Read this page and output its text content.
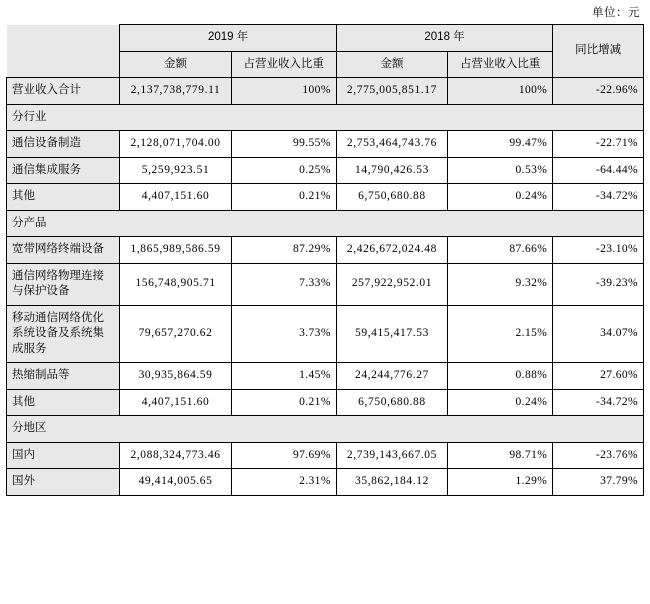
单位：元
	2019 年		2018 年		同比增减
	金额	占营业收入比重	金额	占营业收入比重	
营业收入合计	2,137,738,779.11	100%	2,775,005,851.17	100%	-22.96%
分行业					
通信设备制造	2,128,071,704.00	99.55%	2,753,464,743.76	99.47%	-22.71%
通信集成服务	5,259,923.51	0.25%	14,790,426.53	0.53%	-64.44%
其他	4,407,151.60	0.21%	6,750,680.88	0.24%	-34.72%
分产品					
宽带网络终端设备	1,865,989,586.59	87.29%	2,426,672,024.48	87.66%	-23.10%
通信网络物理连接与保护设备	156,748,905.71	7.33%	257,922,952.01	9.32%	-39.23%
移动通信网络优化系统设备及系统集成服务	79,657,270.62	3.73%	59,415,417.53	2.15%	34.07%
热缩制品等	30,935,864.59	1.45%	24,244,776.27	0.88%	27.60%
其他	4,407,151.60	0.21%	6,750,680.88	0.24%	-34.72%
分地区					
国内	2,088,324,773.46	97.69%	2,739,143,667.05	98.71%	-23.76%
国外	49,414,005.65	2.31%	35,862,184.12	1.29%	37.79%
